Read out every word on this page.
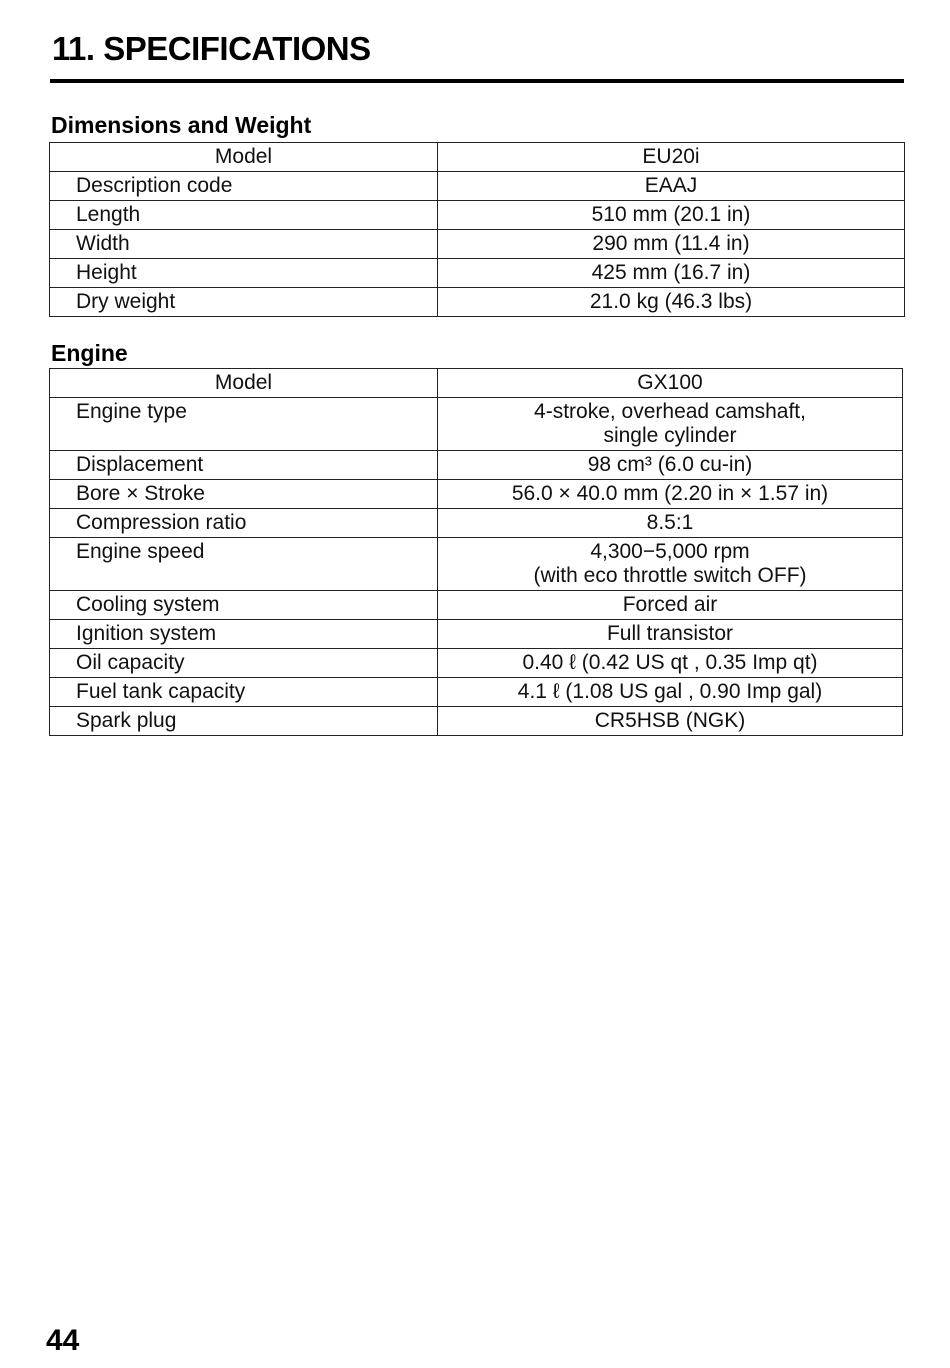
11. SPECIFICATIONS
Dimensions and Weight
Model	EU20i
Description code	EAAJ
Length	510 mm (20.1 in)
Width	290 mm (11.4 in)
Height	425 mm (16.7 in)
Dry weight	21.0 kg (46.3 lbs)
Engine
Model	GX100
Engine type	4-stroke, overhead camshaft,
single cylinder
Displacement	98 cm³ (6.0 cu-in)
Bore × Stroke	56.0 × 40.0 mm (2.20 in × 1.57 in)
Compression ratio	8.5:1
Engine speed	4,300−5,000 rpm
(with eco throttle switch OFF)
Cooling system	Forced air
Ignition system	Full transistor
Oil capacity	0.40 ℓ (0.42 US qt , 0.35 Imp qt)
Fuel tank capacity	4.1 ℓ (1.08 US gal , 0.90 Imp gal)
Spark plug	CR5HSB (NGK)

44
